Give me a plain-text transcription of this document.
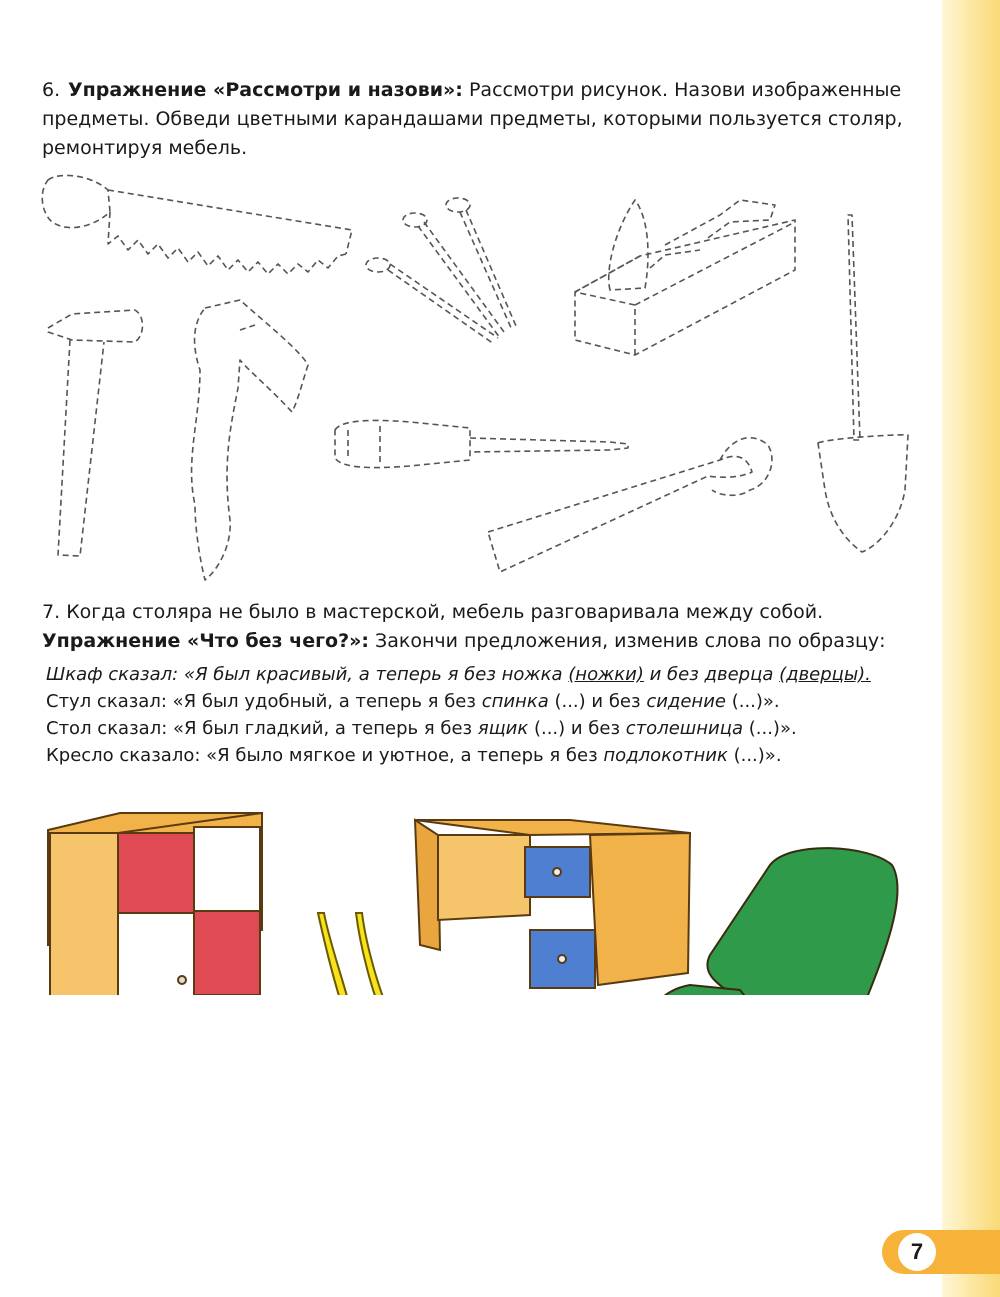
6. Упражнение «Рассмотри и назови»: Рассмотри рисунок. Назови изображенные предметы. Обведи цветными карандашами предметы, которыми пользуется столяр, ремонтируя мебель.
7. Когда столяра не было в мастерской, мебель разговаривала между собой. Упражнение «Что без чего?»: Закончи предложения, изменив слова по образцу:
Шкаф сказал: «Я был красивый, а теперь я без ножка (ножки) и без дверца (дверцы).
Стул сказал: «Я был удобный, а теперь я без спинка (...) и без сидение (...)».
Стол сказал: «Я был гладкий, а теперь я без ящик (...) и без столешница (...)».
Кресло сказало: «Я было мягкое и уютное, а теперь я без подлокотник (...)».
7
